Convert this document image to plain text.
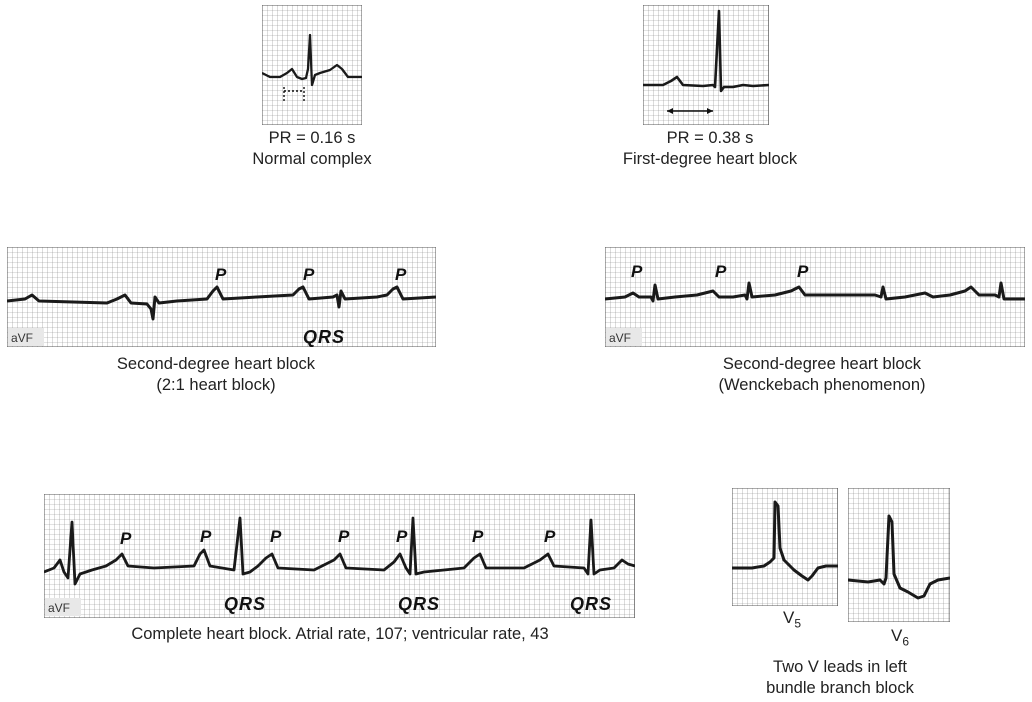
PR = 0.16 s
Normal complex
PR = 0.38 s
First-degree heart block
P	P	P
QRS
aVF
Second-degree heart block
(2:1 heart block)
P	P	P
aVF
Second-degree heart block
(Wenckebach phenomenon)
P	P	P	P	P	P	P
QRS	QRS	QRS
aVF
Complete heart block. Atrial rate, 107; ventricular rate, 43
$V_5$
$V_6$
Two V leads in left
bundle branch block
